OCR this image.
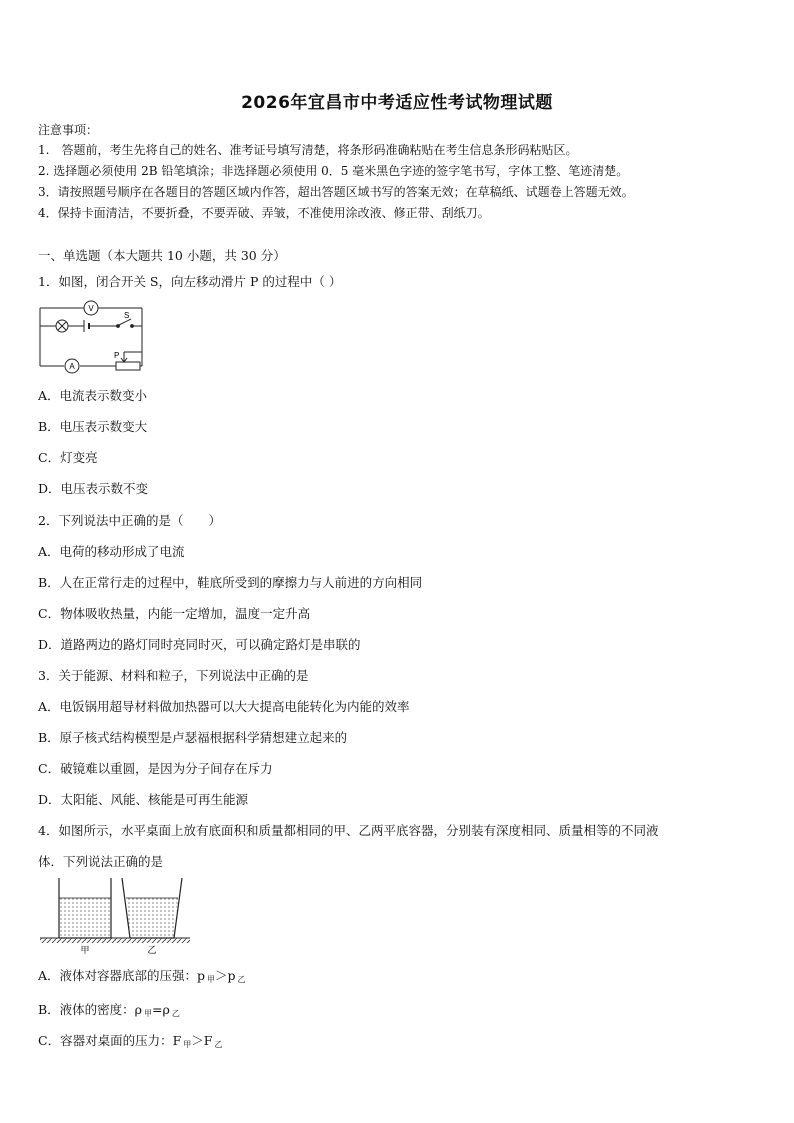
2026年宜昌市中考适应性考试物理试题
注意事项：
1.　答题前，考生先将自己的姓名、准考证号填写清楚，将条形码准确粘贴在考生信息条形码粘贴区。
2. 选择题必须使用 2B 铅笔填涂；非选择题必须使用 0．5 毫米黑色字迹的签字笔书写，字体工整、笔迹清楚。
3．请按照题号顺序在各题目的答题区域内作答，超出答题区域书写的答案无效；在草稿纸、试题卷上答题无效。
4．保持卡面清洁，不要折叠，不要弄破、弄皱，不准使用涂改液、修正带、刮纸刀。
一、单选题（本大题共 10 小题，共 30 分）
1．如图，闭合开关 S，向左移动滑片 P 的过程中（ ）
V
A
S
P
A．电流表示数变小
B．电压表示数变大
C．灯变亮
D．电压表示数不变
2．下列说法中正确的是（　　）
A．电荷的移动形成了电流
B．人在正常行走的过程中，鞋底所受到的摩擦力与人前进的方向相同
C．物体吸收热量，内能一定增加，温度一定升高
D．道路两边的路灯同时亮同时灭，可以确定路灯是串联的
3．关于能源、材料和粒子，下列说法中正确的是
A．电饭锅用超导材料做加热器可以大大提高电能转化为内能的效率
B．原子核式结构模型是卢瑟福根据科学猜想建立起来的
C．破镜难以重圆，是因为分子间存在斥力
D．太阳能、风能、核能是可再生能源
4．如图所示，水平桌面上放有底面积和质量都相同的甲、乙两平底容器，分别装有深度相同、质量相等的不同液
体．下列说法正确的是
甲	乙
A．液体对容器底部的压强：p $_甲$＞p $_乙$
B．液体的密度：ρ $_甲$=ρ $_乙$
C．容器对桌面的压力：F $_甲$＞F $_乙$
